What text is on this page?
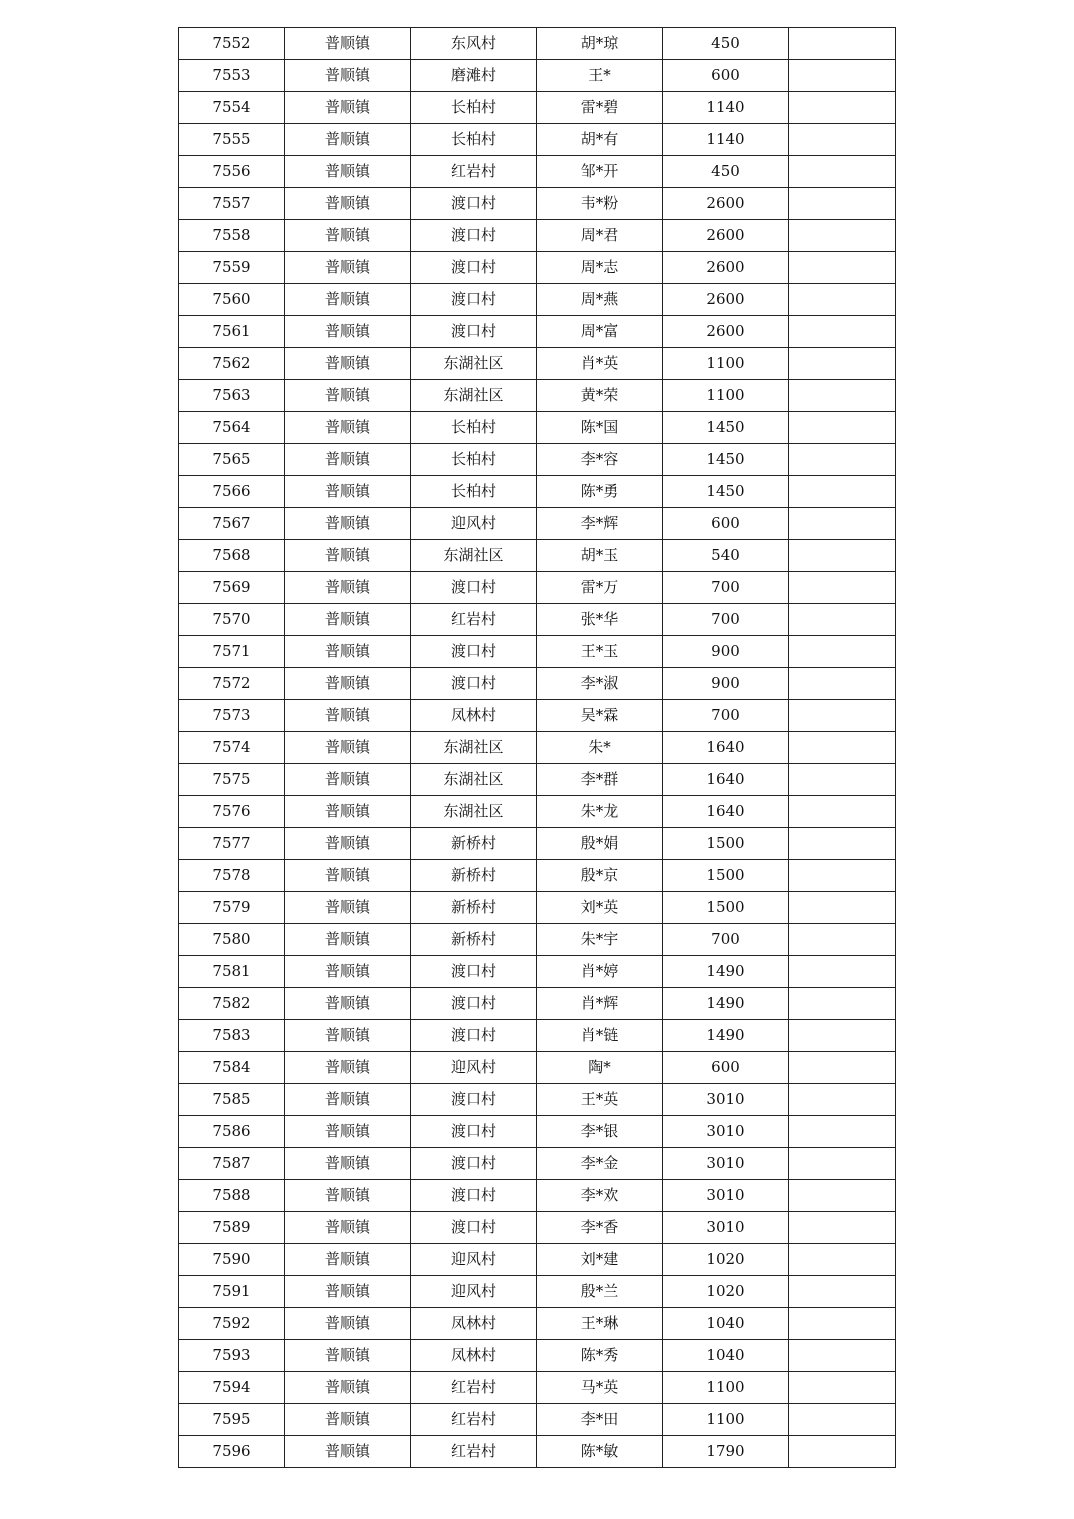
7552	普顺镇	东风村	胡*琼	450	
7553	普顺镇	磨滩村	王*	600	
7554	普顺镇	长柏村	雷*碧	1140	
7555	普顺镇	长柏村	胡*有	1140	
7556	普顺镇	红岩村	邹*开	450	
7557	普顺镇	渡口村	韦*粉	2600	
7558	普顺镇	渡口村	周*君	2600	
7559	普顺镇	渡口村	周*志	2600	
7560	普顺镇	渡口村	周*燕	2600	
7561	普顺镇	渡口村	周*富	2600	
7562	普顺镇	东湖社区	肖*英	1100	
7563	普顺镇	东湖社区	黄*荣	1100	
7564	普顺镇	长柏村	陈*国	1450	
7565	普顺镇	长柏村	李*容	1450	
7566	普顺镇	长柏村	陈*勇	1450	
7567	普顺镇	迎风村	李*辉	600	
7568	普顺镇	东湖社区	胡*玉	540	
7569	普顺镇	渡口村	雷*万	700	
7570	普顺镇	红岩村	张*华	700	
7571	普顺镇	渡口村	王*玉	900	
7572	普顺镇	渡口村	李*淑	900	
7573	普顺镇	凤林村	吴*霖	700	
7574	普顺镇	东湖社区	朱*	1640	
7575	普顺镇	东湖社区	李*群	1640	
7576	普顺镇	东湖社区	朱*龙	1640	
7577	普顺镇	新桥村	殷*娟	1500	
7578	普顺镇	新桥村	殷*京	1500	
7579	普顺镇	新桥村	刘*英	1500	
7580	普顺镇	新桥村	朱*宇	700	
7581	普顺镇	渡口村	肖*婷	1490	
7582	普顺镇	渡口村	肖*辉	1490	
7583	普顺镇	渡口村	肖*链	1490	
7584	普顺镇	迎风村	陶*	600	
7585	普顺镇	渡口村	王*英	3010	
7586	普顺镇	渡口村	李*银	3010	
7587	普顺镇	渡口村	李*金	3010	
7588	普顺镇	渡口村	李*欢	3010	
7589	普顺镇	渡口村	李*香	3010	
7590	普顺镇	迎风村	刘*建	1020	
7591	普顺镇	迎风村	殷*兰	1020	
7592	普顺镇	凤林村	王*琳	1040	
7593	普顺镇	凤林村	陈*秀	1040	
7594	普顺镇	红岩村	马*英	1100	
7595	普顺镇	红岩村	李*田	1100	
7596	普顺镇	红岩村	陈*敏	1790	
